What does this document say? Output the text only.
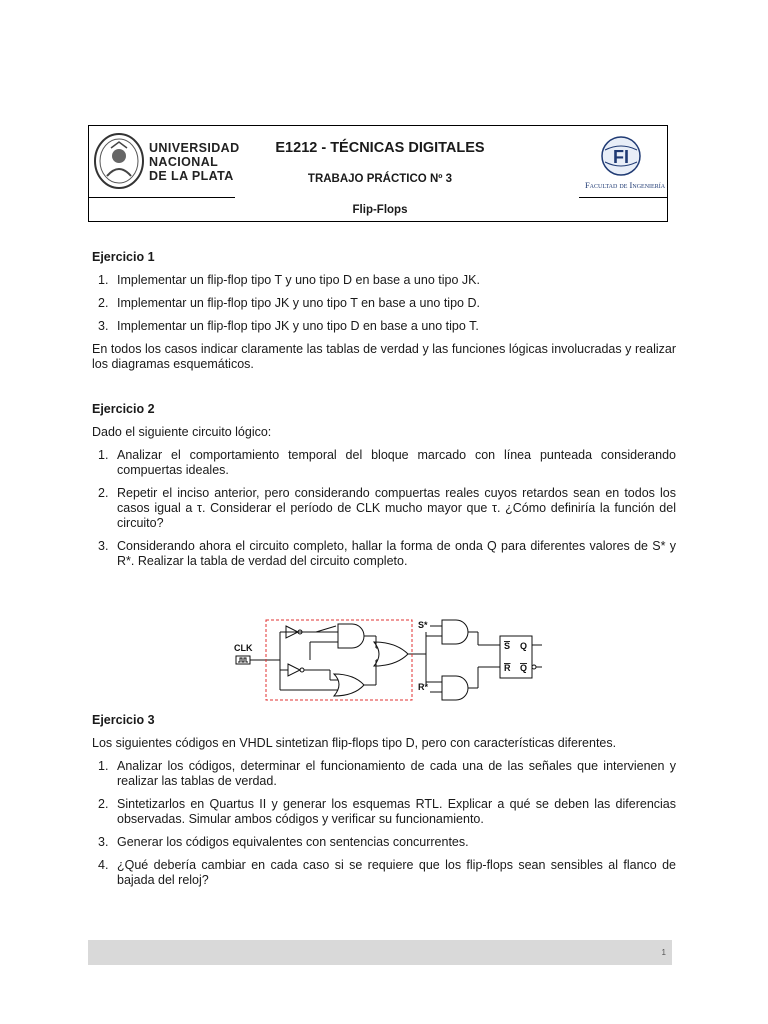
UNIVERSIDAD
NACIONAL
DE LA PLATA
E1212 - TÉCNICAS DIGITALES
TRABAJO PRÁCTICO Nº 3
Flip-Flops
FI
Facultad de Ingeniería
Ejercicio 1
1. Implementar un flip-flop tipo T y uno tipo D en base a uno tipo JK.
2. Implementar un flip-flop tipo JK y uno tipo T en base a uno tipo D.
3. Implementar un flip-flop tipo JK y uno tipo D en base a uno tipo T.
En todos los casos indicar claramente las tablas de verdad y las funciones lógicas involucradas y realizar los diagramas esquemáticos.
Ejercicio 2
Dado el siguiente circuito lógico:
1. Analizar el comportamiento temporal del bloque marcado con línea punteada considerando compuertas ideales.
2. Repetir el inciso anterior, pero considerando compuertas reales cuyos retardos sean en todos los casos igual a τ. Considerar el período de CLK mucho mayor que τ. ¿Cómo definiría la función del circuito?
3. Considerando ahora el circuito completo, hallar la forma de onda Q para diferentes valores de S* y R*. Realizar la tabla de verdad del circuito completo.
Ejercicio 3
Los siguientes códigos en VHDL sintetizan flip-flops tipo D, pero con características diferentes.
1. Analizar los códigos, determinar el funcionamiento de cada una de las señales que intervienen y realizar las tablas de verdad.
2. Sintetizarlos en Quartus II y generar los esquemas RTL. Explicar a qué se deben las diferencias observadas. Simular ambos códigos y verificar su funcionamiento.
3. Generar los códigos equivalentes con sentencias concurrentes.
4. ¿Qué debería cambiar en cada caso si se requiere que los flip-flops sean sensibles al flanco de bajada del reloj?
CLK
S*
R*
S
R
Q
Q
1
